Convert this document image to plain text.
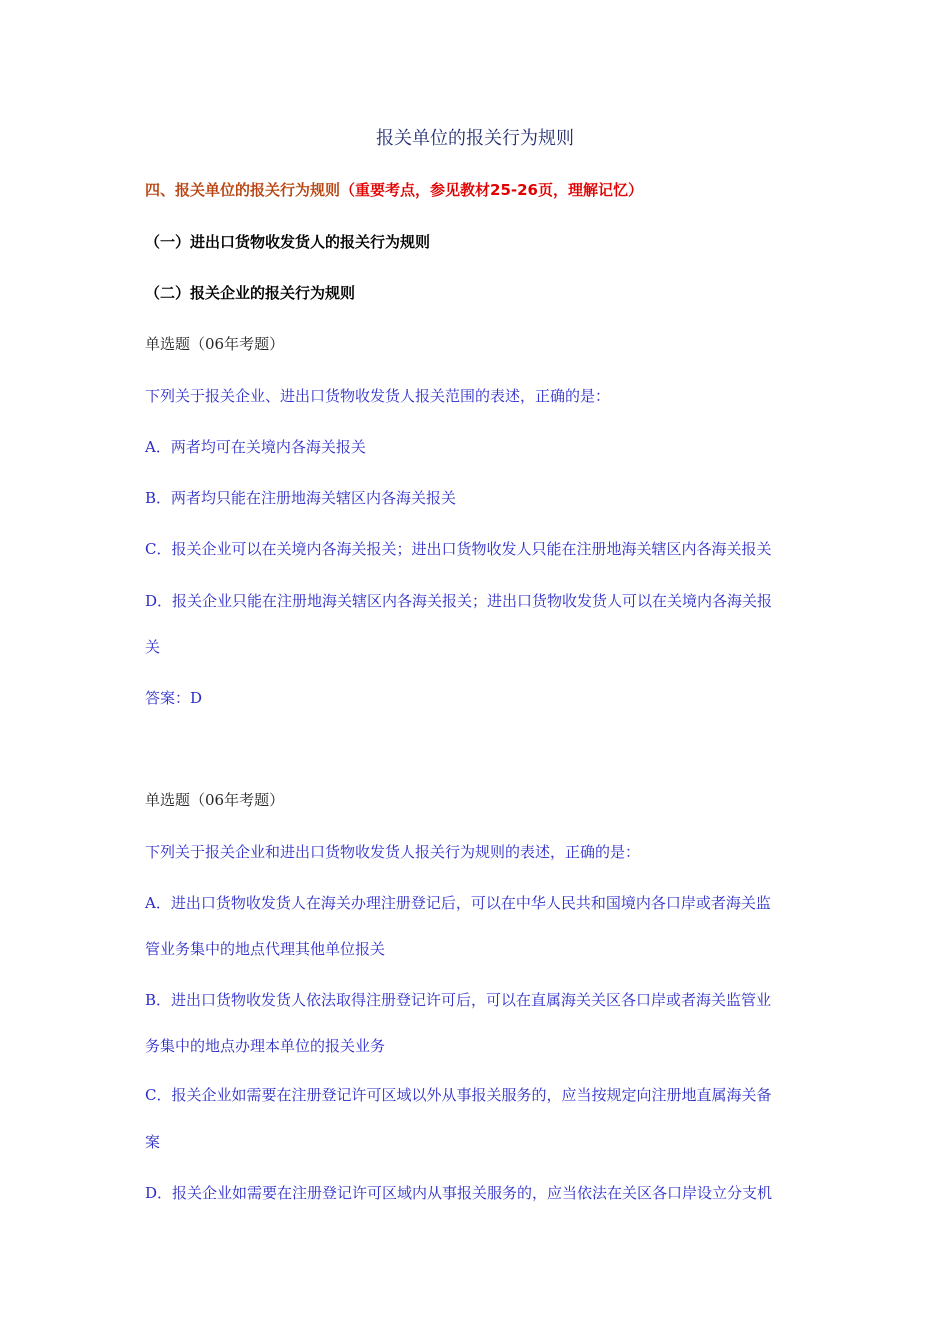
报关单位的报关行为规则
四、报关单位的报关行为规则（重要考点，参见教材25-26页，理解记忆）
（一）进出口货物收发货人的报关行为规则
（二）报关企业的报关行为规则
单选题（06年考题）
下列关于报关企业、进出口货物收发货人报关范围的表述，正确的是：
A．两者均可在关境内各海关报关
B．两者均只能在注册地海关辖区内各海关报关
C．报关企业可以在关境内各海关报关；进出口货物收发人只能在注册地海关辖区内各海关报关
D．报关企业只能在注册地海关辖区内各海关报关；进出口货物收发货人可以在关境内各海关报
关
答案：D
单选题（06年考题）
下列关于报关企业和进出口货物收发货人报关行为规则的表述，正确的是：
A．进出口货物收发货人在海关办理注册登记后，可以在中华人民共和国境内各口岸或者海关监
管业务集中的地点代理其他单位报关
B．进出口货物收发货人依法取得注册登记许可后，可以在直属海关关区各口岸或者海关监管业
务集中的地点办理本单位的报关业务
C．报关企业如需要在注册登记许可区域以外从事报关服务的，应当按规定向注册地直属海关备
案
D．报关企业如需要在注册登记许可区域内从事报关服务的，应当依法在关区各口岸设立分支机
